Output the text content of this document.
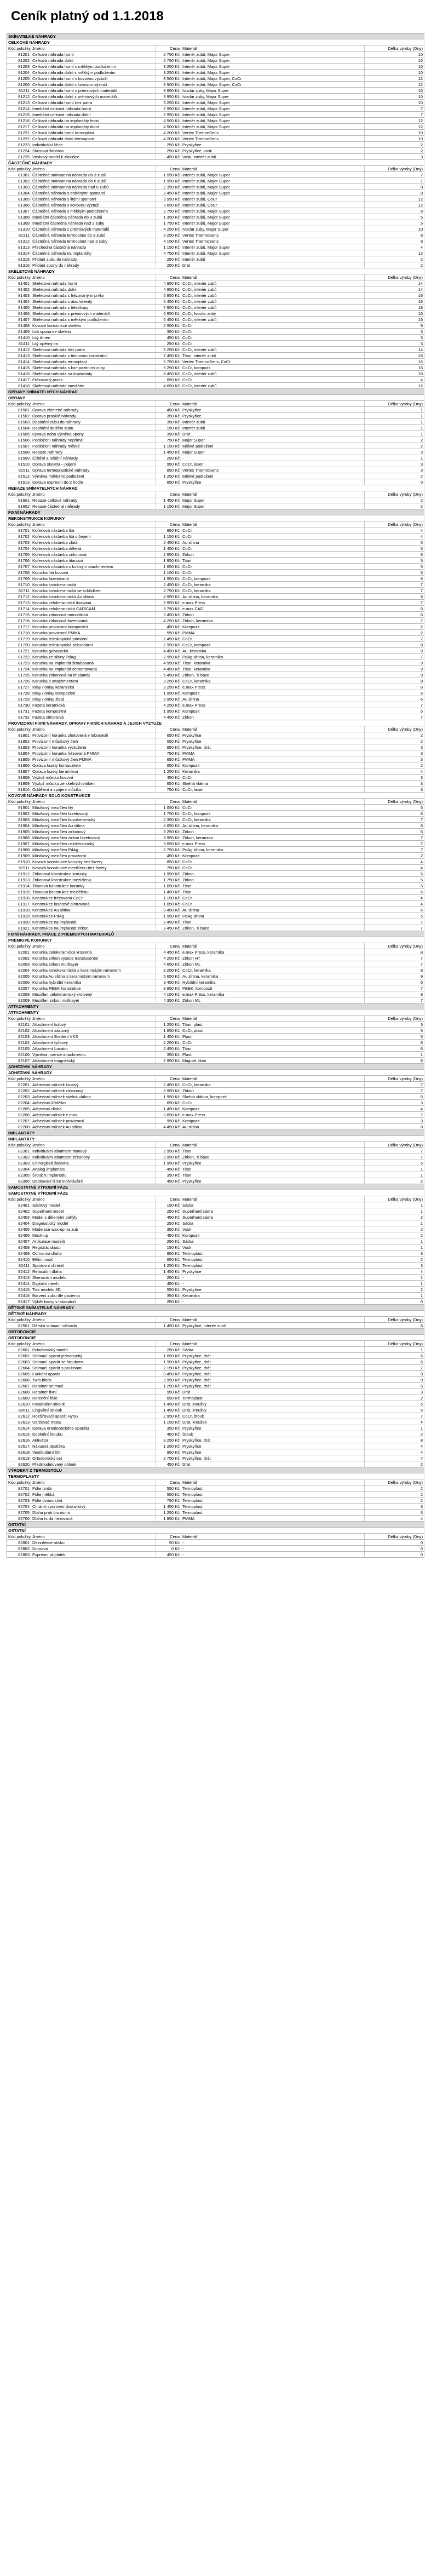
Ceník platný od 1.1.2018
SKÍNATELNÉ NÁHRADY
CELKOVÉ NÁHRADY
Kód položky Jméno	Cena Materiál	Délka výroby (Dny)
81201 Celková náhrada horní	2 750 Kč Interiér zubů, Major Super	10
81202 Celková náhrada dolní	2 750 Kč Interiér zubů, Major Super	10
81203 Celková náhrada horní s měkkým podložením	3 250 Kč Interiér zubů, Major Super	10
81204 Celková náhrada dolní s měkkým podložením	3 250 Kč Interiér zubů, Major Super	10
81205 Celková náhrada horní s kovovou výztuží	3 500 Kč Interiér zubů, Major Super, CoCr	12
81206 Celková náhrada dolní s kovovou výztuží	3 500 Kč Interiér zubů, Major Super, CoCr	12
81211 Celková náhrada horní z prémiových materiálů	3 950 Kč Ivoclar zuby, Major Super	10
81212 Celková náhrada dolní z prémiových materiálů	3 950 Kč Ivoclar zuby, Major Super	10
81213 Celková náhrada horní bez patra	3 250 Kč Interiér zubů, Major Super	10
81214 Imediátní celková náhrada horní	2 950 Kč Interiér zubů, Major Super	7
81215 Imediátní celková náhrada dolní	2 950 Kč Interiér zubů, Major Super	7
81216 Celková náhrada na implantáty horní	4 500 Kč Interiér zubů, Major Super	12
81217 Celková náhrada na implantáty dolní	4 500 Kč Interiér zubů, Major Super	12
81221 Celková náhrada horní termoplast	4 200 Kč Vertex ThermoSens	10
81222 Celková náhrada dolní termoplast	4 200 Kč Vertex ThermoSens	10
81223 Individuální lžíce	250 Kč Pryskyřice	2
81224 Skusová šablona	250 Kč Pryskyřice, vosk	2
81225 Voskový model k zkoušce	450 Kč Vosk, interiér zubů	3
ČÁSTEČNÉ NÁHRADY
Kód položky Jméno	Cena Materiál	Délka výroby (Dny)
81301 Částečná snímatelná náhrada do 3 zubů	1 550 Kč Interiér zubů, Major Super	7
81302 Částečná snímatelná náhrada do 6 zubů	1 950 Kč Interiér zubů, Major Super	7
81303 Částečná snímatelná náhrada nad 6 zubů	2 350 Kč Interiér zubů, Major Super	8
81304 Částečná náhrada s drátěnými sponami	2 450 Kč Interiér zubů, Major Super	8
81305 Částečná náhrada s litými sponami	3 950 Kč Interiér zubů, CoCr	12
81306 Částečná náhrada s kovovou výztuží	3 650 Kč Interiér zubů, CoCr	12
81307 Částečná náhrada s měkkým podložením	2 750 Kč Interiér zubů, Major Super	8
81308 Imediátní částečná náhrada do 3 zubů	1 350 Kč Interiér zubů, Major Super	5
81309 Imediátní částečná náhrada nad 3 zuby	1 750 Kč Interiér zubů, Major Super	5
81310 Částečná náhrada z prémiových materiálů	4 250 Kč Ivoclar zuby, Major Super	10
81311 Částečná náhrada termoplast do 3 zubů	3 250 Kč Vertex ThermoSens	8
81312 Částečná náhrada termoplast nad 3 zuby	4 150 Kč Vertex ThermoSens	8
81313 Přechodná částečná náhrada	1 150 Kč Interiér zubů, Major Super	4
81314 Částečná náhrada na implantáty	4 750 Kč Interiér zubů, Major Super	12
81315 Přidání zubu do náhrady	250 Kč Interiér zubů	2
81316 Přidání spony do náhrady	250 Kč Drát	2
SKELETOVÉ NÁHRADY
Kód položky Jméno	Cena Materiál	Délka výroby (Dny)
81401 Skeletová náhrada horní	4 950 Kč CoCr, interiér zubů	14
81402 Skeletová náhrada dolní	4 950 Kč CoCr, interiér zubů	14
81403 Skeletová náhrada s frézovanými prvky	5 950 Kč CoCr, interiér zubů	16
81404 Skeletová náhrada s atachmenty	6 450 Kč CoCr, interiér zubů	16
81405 Skeletová náhrada s teleskopy	7 950 Kč CoCr, interiér zubů	18
81406 Skeletová náhrada z prémiových materiálů	6 950 Kč CoCr, Ivoclar zuby	16
81407 Skeletová náhrada s měkkým podložením	5 450 Kč CoCr, interiér zubů	16
81408 Kovová konstrukce skeletu	2 950 Kč CoCr	8
81409 Litá spona ke skeletu	350 Kč CoCr	3
81410 Litý třmen	450 Kč CoCr	3
81411 Litý opěrný trn	250 Kč CoCr	3
81412 Skeletová náhrada bez patra	5 250 Kč CoCr, interiér zubů	14
81413 Skeletová náhrada s titanovou konstrukcí	7 450 Kč Titan, interiér zubů	18
81414 Skeletová náhrada termoplast	5 750 Kč Vertex ThermoSens, CoCr	16
81415 Skeletová náhrada s kompozitními zuby	6 250 Kč CoCr, kompozit	16
81416 Skeletová náhrada na implantáty	8 450 Kč CoCr, interiér zubů	18
81417 Frézovaný prvek	650 Kč CoCr	4
81418 Skeletová náhrada imediátní	4 650 Kč CoCr, interiér zubů	12
OPRAVY SNÍMATELNÝCH NÁHRAD
OPRAVY
Kód položky Jméno	Cena Materiál	Délka výroby (Dny)
81501 Oprava zlomené náhrady	450 Kč Pryskyřice	1
81502 Oprava prasklé náhrady	350 Kč Pryskyřice	1
81503 Doplnění zubu do náhrady	350 Kč Interiér zubů	1
81504 Doplnění dalšího zubu	150 Kč Interiér zubů	1
81505 Oprava nebo výměna spony	350 Kč Drát	1
81506 Podložení náhrady nepřímé	750 Kč Major Super	2
81507 Podložení náhrady měkké	1 150 Kč Měkké podložení	2
81508 Rebaze náhrady	1 450 Kč Major Super	3
81509 Čištění a leštění náhrady	250 Kč -	1
81510 Oprava skeletu – pájení	950 Kč CoCr, laser	3
81511 Oprava termoplastické náhrady	850 Kč Vertex ThermoSens	3
81512 Výměna měkkého podložení	1 250 Kč Měkké podložení	2
81513 Oprava expresní do 2 hodin	650 Kč Pryskyřice	0
REBAZE SNÍMATELNÝCH NÁHRAD
Kód položky Jméno	Cena Materiál	Délka výroby (Dny)
81601 Rebaze celkové náhrady	1 450 Kč Major Super	2
81602 Rebaze částečné náhrady	1 150 Kč Major Super	2
FIXNÍ NÁHRADY
REKONSTRUKCE KORUNKY
Kód položky Jméno	Cena Materiál	Délka výroby (Dny)
81701 Kořenová nástavba litá	950 Kč CoCr	4
81702 Kořenová nástavba litá s čepem	1 150 Kč CoCr	4
81703 Kořenová nástavba zlatá	2 450 Kč Au slitina	5
81704 Kořenová nástavba dělená	1 450 Kč CoCr	5
81705 Kořenová nástavba zirkonová	2 950 Kč Zirkon	6
81706 Kořenová nástavba titanová	1 950 Kč Titan	5
81707 Kořenová nástavba s kulovým atachmentem	1 650 Kč CoCr	5
81708 Korunka litá kovová	1 150 Kč CoCr	5
81709 Korunka fazetovaná	1 950 Kč CoCr, kompozit	6
81710 Korunka kovokeramická	2 450 Kč CoCr, keramika	7
81711 Korunka kovokeramická se schůdkem	2 750 Kč CoCr, keramika	7
81712 Korunka kovokeramická Au slitina	4 950 Kč Au slitina, keramika	8
81713 Korunka celokeramická lisovaná	3 950 Kč e.max Press	7
81714 Korunka celokeramická CAD/CAM	3 750 Kč e.max CAD	6
81715 Korunka zirkonová monolitická	3 450 Kč Zirkon	6
81716 Korunka zirkonová fazetovaná	4 250 Kč Zirkon, keramika	7
81717 Korunka provizorní kompozitní	450 Kč Kompozit	2
81718 Korunka provizorní PMMA	550 Kč PMMA	2
81719 Korunka teleskopická primární	2 450 Kč CoCr	7
81720 Korunka teleskopická sekundární	2 950 Kč CoCr, kompozit	8
81721 Korunka galvanická	4 450 Kč Au, keramika	9
81722 Korunka ze slitiny PdAg	2 950 Kč PdAg slitina, keramika	7
81723 Korunka na implantát šroubovaná	4 950 Kč Titan, keramika	9
81724 Korunka na implantát cementovaná	4 450 Kč Titan, keramika	9
81725 Korunka zirkonová na implantát	5 450 Kč Zirkon, Ti báze	9
81726 Korunka s attachmentem	3 250 Kč CoCr, keramika	8
81727 Inlay / onlay keramická	3 250 Kč e.max Press	6
81728 Inlay / onlay kompozitní	1 950 Kč Kompozit	5
81729 Inlay / onlay zlatá	3 950 Kč Au slitina	6
81730 Fazeta keramická	4 250 Kč e.max Press	7
81731 Fazeta kompozitní	1 950 Kč Kompozit	5
81732 Fazeta zirkonová	4 450 Kč Zirkon	7
PROVIZORNÍ FIXNÍ NÁHRADY, OPRAVY FIXNÍCH NÁHRAD A JEJICH VÝZTUŽE
Kód položky Jméno	Cena Materiál	Délka výroby (Dny)
81801 Provizorní korunka zhotovená v laboratoři	650 Kč Pryskyřice	2
81802 Provizorní můstkový člen	550 Kč Pryskyřice	2
81803 Provizorní korunka vyztužená	850 Kč Pryskyřice, drát	3
81804 Provizorní korunka frézovaná PMMA	750 Kč PMMA	3
81805 Provizorní můstkový člen PMMA	650 Kč PMMA	3
81806 Oprava fazety kompozitem	650 Kč Kompozit	2
81807 Oprava fazety keramikou	1 250 Kč Keramika	4
81808 Výztuž můstku kovová	450 Kč CoCr	3
81809 Výztuž můstku ze skelných vláken	650 Kč Skelná vlákna	3
81810 Oddělení a spájení můstku	750 Kč CoCr, laser	3
KOVOVÉ NÁHRADY SOLO KONSTRUKCE
Kód položky Jméno	Cena Materiál	Délka výroby (Dny)
81901 Můstkový mezičlen litý	1 050 Kč CoCr	5
81902 Můstkový mezičlen fazetovaný	1 750 Kč CoCr, kompozit	6
81903 Můstkový mezičlen kovokeramický	2 350 Kč CoCr, keramika	7
81904 Můstkový mezičlen Au slitina	4 650 Kč Au slitina, keramika	8
81905 Můstkový mezičlen zirkonový	3 250 Kč Zirkon	6
81906 Můstkový mezičlen zirkon fazetovaný	3 950 Kč Zirkon, keramika	7
81907 Můstkový mezičlen celokeramický	3 650 Kč e.max Press	7
81908 Můstkový mezičlen PdAg	2 750 Kč PdAg slitina, keramika	7
81909 Můstkový mezičlen provizorní	450 Kč Kompozit	2
81910 Kovová konstrukce korunky bez fazety	850 Kč CoCr	4
81911 Kovová konstrukce mezičlenu bez fazety	750 Kč CoCr	4
81912 Zirkonová konstrukce korunky	1 950 Kč Zirkon	5
81913 Zirkonová konstrukce mezičlenu	1 750 Kč Zirkon	5
81914 Titanová konstrukce korunky	1 650 Kč Titan	5
81915 Titanová konstrukce mezičlenu	1 450 Kč Titan	5
81916 Konstrukce frézovaná CoCr	1 150 Kč CoCr	4
81917 Konstrukce laserově sintrovaná	1 050 Kč CoCr	4
81918 Konstrukce Au slitina	3 450 Kč Au slitina	6
81919 Konstrukce PdAg	1 950 Kč PdAg slitina	5
81920 Konstrukce na implantát	2 450 Kč Titan	7
81921 Konstrukce na implantát zirkon	3 450 Kč Zirkon, Ti báze	7
FIXNÍ NÁHRADY, PRÁCE Z PRÉMIOVÝCH MATERIÁLŮ
PRÉMIOVÉ KORUNKY
Kód položky Jméno	Cena Materiál	Délka výroby (Dny)
82001 Korunka celokeramická vrstvená	4 450 Kč e.max Press, keramika	8
82002 Korunka zirkon vysoce translucentní	4 250 Kč Zirkon HT	7
82003 Korunka zirkon multilayer	4 650 Kč Zirkon ML	7
82004 Korunka kovokeramická s keramickým ramenem	3 250 Kč CoCr, keramika	8
82005 Korunka Au slitina s keramickým ramenem	5 650 Kč Au slitina, keramika	9
82006 Korunka hybridní keramika	3 450 Kč Hybridní keramika	6
82007 Korunka PEEK konstrukce	3 950 Kč PEEK, kompozit	7
82008 Mezičlen celokeramický vrstvený	4 150 Kč e.max Press, keramika	8
82009 Mezičlen zirkon multilayer	4 350 Kč Zirkon ML	7
ATTACHMENTY
ATTACHMENTY
Kód položky Jméno	Cena Materiál	Délka výroby (Dny)
82101 Attachment kulový	1 250 Kč Titan, plast	5
82102 Attachment zásuvný	1 650 Kč CoCr, plast	5
82103 Attachment Bredent VKS	1 450 Kč Plast	5
82104 Attachment tyčkový	2 250 Kč CoCr	6
82105 Attachment Locator	2 450 Kč Titan	6
82106 Výměna matrice attachmentu	350 Kč Plast	1
82107 Attachment magnetický	2 950 Kč Magnet, titan	6
ADHEZIVNÍ NÁHRADY
ADHEZIVNÍ NÁHRADY
Kód položky Jméno	Cena Materiál	Délka výroby (Dny)
82201 Adhezivní můstek kovový	2 450 Kč CoCr, keramika	7
82202 Adhezivní můstek zirkonový	3 950 Kč Zirkon	7
82203 Adhezivní můstek skelná vlákna	1 950 Kč Skelná vlákna, kompozit	5
82204 Adhezivní křidélko	650 Kč CoCr	3
82205 Adhezivní dlaha	1 450 Kč Kompozit	4
82206 Adhezivní můstek e.max	3 650 Kč e.max Press	7
82207 Adhezivní můstek provizorní	950 Kč Kompozit	3
82208 Adhezivní můstek Au slitina	4 450 Kč Au slitina	8
IMPLANTÁTY
IMPLANTÁTY
Kód položky Jméno	Cena Materiál	Délka výroby (Dny)
82301 Individuální abutment titanový	2 950 Kč Titan	7
82302 Individuální abutment zirkonový	3 950 Kč Zirkon, Ti báze	7
82303 Chirurgická šablona	1 950 Kč Pryskyřice	5
82304 Analog implantátu	450 Kč Titan	1
82305 Šroub k implantátu	350 Kč Titan	1
82306 Otiskovací lžíce individuální	450 Kč Pryskyřice	2
SAMOSTATNÉ VÝROBNÍ FÁZE
SAMOSTATNÉ VÝROBNÍ FÁZE
Kód položky Jméno	Cena Materiál	Délka výroby (Dny)
82401 Sádrový model	150 Kč Sádra	1
82402 Superhard model	250 Kč Superhard sádra	1
82403 Model s dělenými pahýly	450 Kč Superhard sádra	2
82404 Diagnostický model	250 Kč Sádra	1
82405 Modelace wax-up na zub	350 Kč Vosk	2
82406 Mock-up	450 Kč Kompozit	2
82407 Artikulace modelů	250 Kč Sádra	1
82408 Registrát skusu	150 Kč Vosk	1
82409 Ochranná dlaha	950 Kč Termoplast	3
82410 Bělicí nosič	650 Kč Termoplast	2
82411 Sportovní chránič	1 250 Kč Termoplast	3
82412 Relaxační dlaha	1 450 Kč Pryskyřice	4
82413 Skenování modelu	250 Kč -	1
82414 Digitální návrh	450 Kč -	1
82415 Tisk modelu 3D	550 Kč Pryskyřice	2
82416 Barvení zubu dle pacienta	350 Kč Keramika	1
82417 Výběr barvy v laboratoři	250 Kč -	0
DĚTSKÉ SNÍMATELNÉ NÁHRADY
DĚTSKÉ NÁHRADY
Kód položky Jméno	Cena Materiál	Délka výroby (Dny)
82501 Dětská snímací náhrada	1 450 Kč Pryskyřice, interiér zubů	6
ORTODONCIE
ORTODONCIE
Kód položky Jméno	Cena Materiál	Délka výroby (Dny)
82601 Ortodontický model	250 Kč Sádra	1
82602 Snímací aparát jednoduchý	1 650 Kč Pryskyřice, drát	6
82603 Snímací aparát se šroubem	1 950 Kč Pryskyřice, drát	6
82604 Snímací aparát s pružinami	2 150 Kč Pryskyřice, drát	7
82605 Funkční aparát	3 450 Kč Pryskyřice, drát	9
82606 Twin block	3 950 Kč Pryskyřice, drát	9
82607 Retainer snímací	1 250 Kč Pryskyřice, drát	5
82608 Retainer fixní	950 Kč Drát	3
82609 Retenční fólie	650 Kč Termoplast	2
82610 Palatinální oblouk	1 450 Kč Drát, kroužky	5
82611 Lingvální oblouk	1 450 Kč Drát, kroužky	5
82612 Rozšiřovací aparát Hyrax	2 950 Kč CoCr, šroub	7
82613 Udržovač místa	1 150 Kč Drát, kroužek	4
82614 Oprava ortodontického aparátu	350 Kč Pryskyřice	1
82615 Doplnění šroubu	450 Kč Šroub	2
82616 Aktivátor	3 250 Kč Pryskyřice, drát	8
82617 Nákusná destička	1 250 Kč Pryskyřice	4
82618 Vestibulární štít	950 Kč Pryskyřice	4
82619 Ortodontický set	2 750 Kč Pryskyřice, drát	7
82620 Předmodelovaný oblouk	450 Kč Drát	2
VÝROBKY Z TERMOSTOLU
TERMOPLASTY
Kód položky Jméno	Cena Materiál	Délka výroby (Dny)
82701 Fólie tvrdá	550 Kč Termoplast	2
82702 Fólie měkká	550 Kč Termoplast	2
82703 Fólie dvouvrstvá	750 Kč Termoplast	2
82704 Chránič sportovní dvouvrstvý	1 450 Kč Termoplast	3
82705 Dlaha proti bruxismu	1 250 Kč Termoplast	3
82706 Dlaha tvrdá frézovaná	1 950 Kč PMMA	4
OSTATNÍ
OSTATNÍ
Kód položky Jméno	Cena Materiál	Délka výroby (Dny)
82801 Dezinfekce otisku	50 Kč -	0
82802 Doprava	0 Kč -	0
82803 Expresní příplatek	450 Kč -	0
